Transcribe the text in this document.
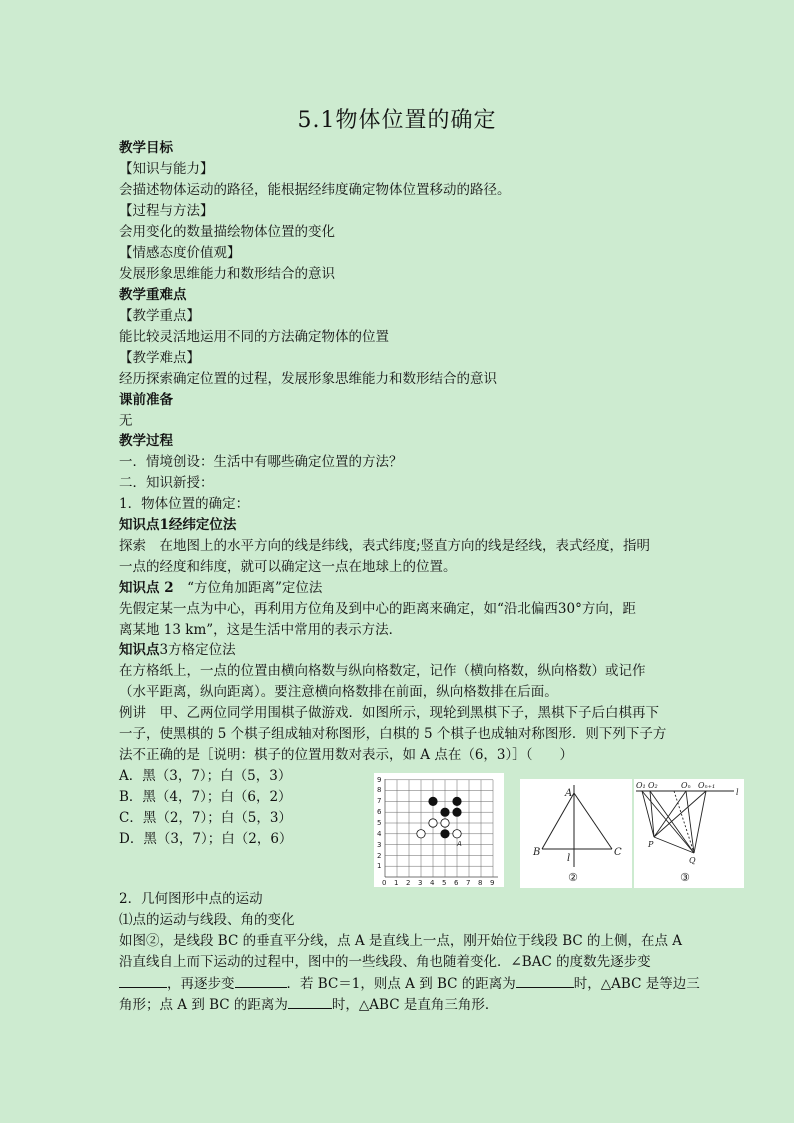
5.1物体位置的确定
教学目标
【知识与能力】
会描述物体运动的路径，能根据经纬度确定物体位置移动的路径。
【过程与方法】
会用变化的数量描绘物体位置的变化
【情感态度价值观】
发展形象思维能力和数形结合的意识
教学重难点
【教学重点】
能比较灵活地运用不同的方法确定物体的位置
【教学难点】
经历探索确定位置的过程，发展形象思维能力和数形结合的意识
课前准备
无
教学过程
一．情境创设：生活中有哪些确定位置的方法？
二．知识新授：
1．物体位置的确定：
知识点1经纬定位法
探索　在地图上的水平方向的线是纬线，表式纬度;竖直方向的线是经线，表式经度，指明
一点的经度和纬度，就可以确定这一点在地球上的位置。
知识点 2　“方位角加距离”定位法
先假定某一点为中心，再利用方位角及到中心的距离来确定，如“沿北偏西30°方向，距
离某地 13 km”，这是生活中常用的表示方法．
知识点3方格定位法
在方格纸上，一点的位置由横向格数与纵向格数定，记作（横向格数，纵向格数）或记作
（水平距离，纵向距离）。要注意横向格数排在前面，纵向格数排在后面。
例讲　甲、乙两位同学用围棋子做游戏．如图所示，现轮到黑棋下子，黑棋下子后白棋再下
一子，使黑棋的 5 个棋子组成轴对称图形，白棋的 5 个棋子也成轴对称图形．则下列下子方
法不正确的是［说明：棋子的位置用数对表示，如 A 点在（6，3）］（　　）
A．黑（3，7）；白（5，3）
B．黑（4，7）；白（6，2）
C．黑（2，7）；白（5，3）
D．黑（3，7）；白（2，6）
0 1 2 3 4 5 6 7 8 9
1
2
3
4
5
6
7
8
9
A
A
B	C
l
②
O₁ O₂	Oₙ Oₙ₊₁
l
P
Q
③
2．几何图形中点的运动
⑴点的运动与线段、角的变化
如图②，是线段 BC 的垂直平分线，点 A 是直线上一点，刚开始位于线段 BC 的上侧，在点 A
沿直线自上而下运动的过程中，图中的一些线段、角也随着变化．∠BAC 的度数先逐步变
，再逐步变	．若 BC＝1，则点 A 到 BC 的距离为	时，△ABC 是等边三
角形；点 A 到 BC 的距离为	时，△ABC 是直角三角形．
